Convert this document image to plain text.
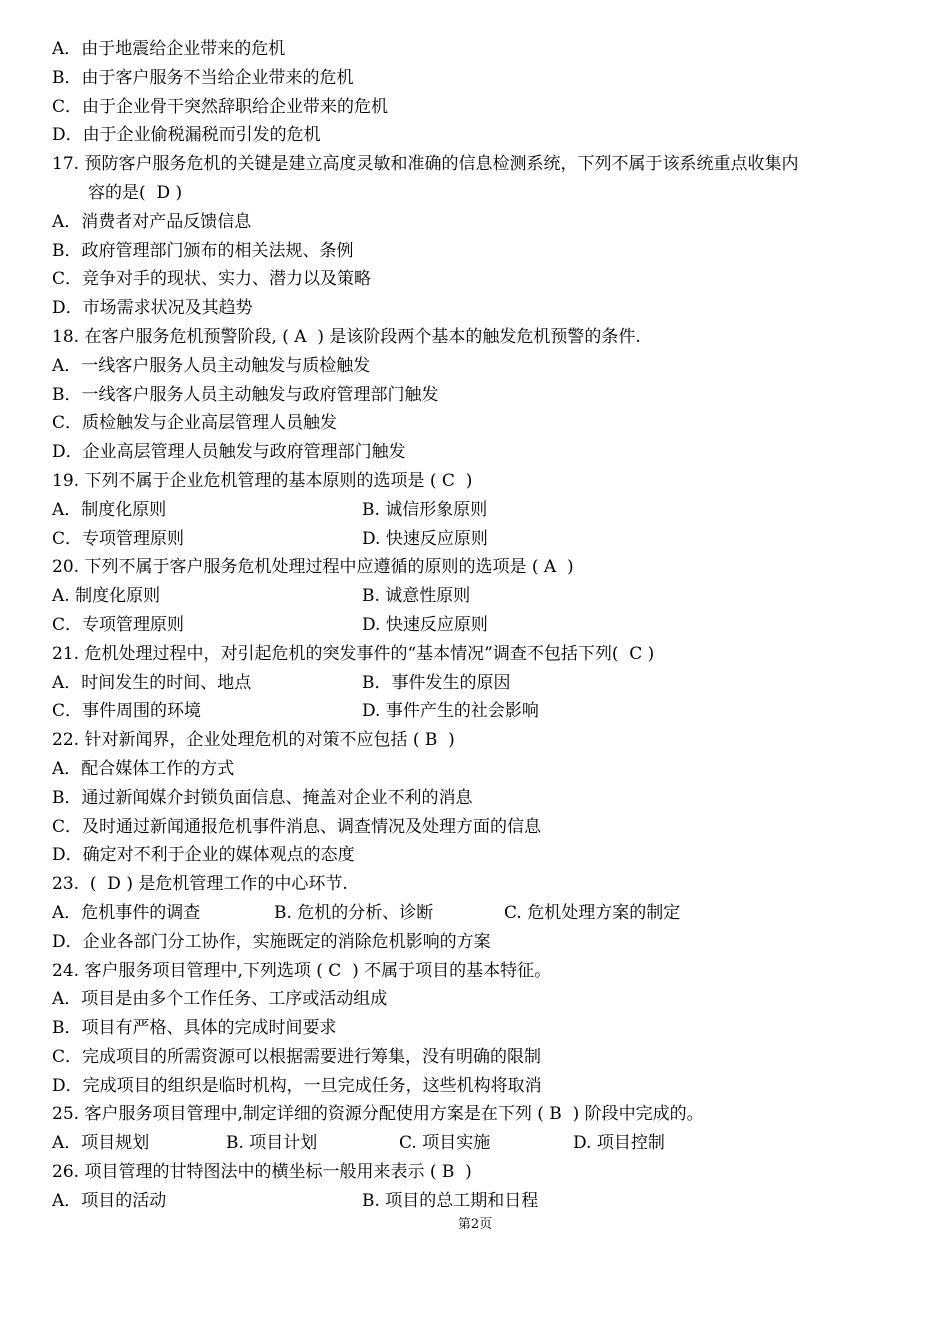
A．由于地震给企业带来的危机
B．由于客户服务不当给企业带来的危机
C．由于企业骨干突然辞职给企业带来的危机
D．由于企业偷税漏税而引发的危机
17. 预防客户服务危机的关键是建立高度灵敏和准确的信息检测系统，下列不属于该系统重点收集内
容的是(  D )
A．消费者对产品反馈信息
B．政府管理部门颁布的相关法规、条例
C．竞争对手的现状、实力、潜力以及策略
D．市场需求状况及其趋势
18. 在客户服务危机预警阶段, ( A  ) 是该阶段两个基本的触发危机预警的条件.
A．一线客户服务人员主动触发与质检触发
B．一线客户服务人员主动触发与政府管理部门触发
C．质检触发与企业高层管理人员触发
D．企业高层管理人员触发与政府管理部门触发
19. 下列不属于企业危机管理的基本原则的选项是 ( C  )

A．制度化原则

	B. 诚信形象原则

C．专项管理原则

	D. 快速反应原则

20. 下列不属于客户服务危机处理过程中应遵循的原则的选项是 ( A  )

A. 制度化原则

	B. 诚意性原则

C．专项管理原则

	D. 快速反应原则

21. 危机处理过程中，对引起危机的突发事件的“基本情况”调查不包括下列(  C )

A．时间发生的时间、地点

	B．事件发生的原因

C．事件周围的环境

	D. 事件产生的社会影响

22. 针对新闻界，企业处理危机的对策不应包括 ( B  )
A．配合媒体工作的方式
B．通过新闻媒介封锁负面信息、掩盖对企业不利的消息
C．及时通过新闻通报危机事件消息、调查情况及处理方面的信息
D．确定对不利于企业的媒体观点的态度
23.  (  D ) 是危机管理工作的中心环节.

A．危机事件的调查

	B. 危机的分析、诊断

	C. 危机处理方案的制定

D．企业各部门分工协作，实施既定的消除危机影响的方案
24. 客户服务项目管理中,下列选项 ( C  ) 不属于项目的基本特征。
A．项目是由多个工作任务、工序或活动组成
B．项目有严格、具体的完成时间要求
C．完成项目的所需资源可以根据需要进行筹集，没有明确的限制
D．完成项目的组织是临时机构，一旦完成任务，这些机构将取消
25. 客户服务项目管理中,制定详细的资源分配使用方案是在下列 ( B  ) 阶段中完成的。

A．项目规划

	B. 项目计划

	C. 项目实施

	D. 项目控制

26. 项目管理的甘特图法中的横坐标一般用来表示 ( B  )

A．项目的活动

	B. 项目的总工期和日程

第2页
